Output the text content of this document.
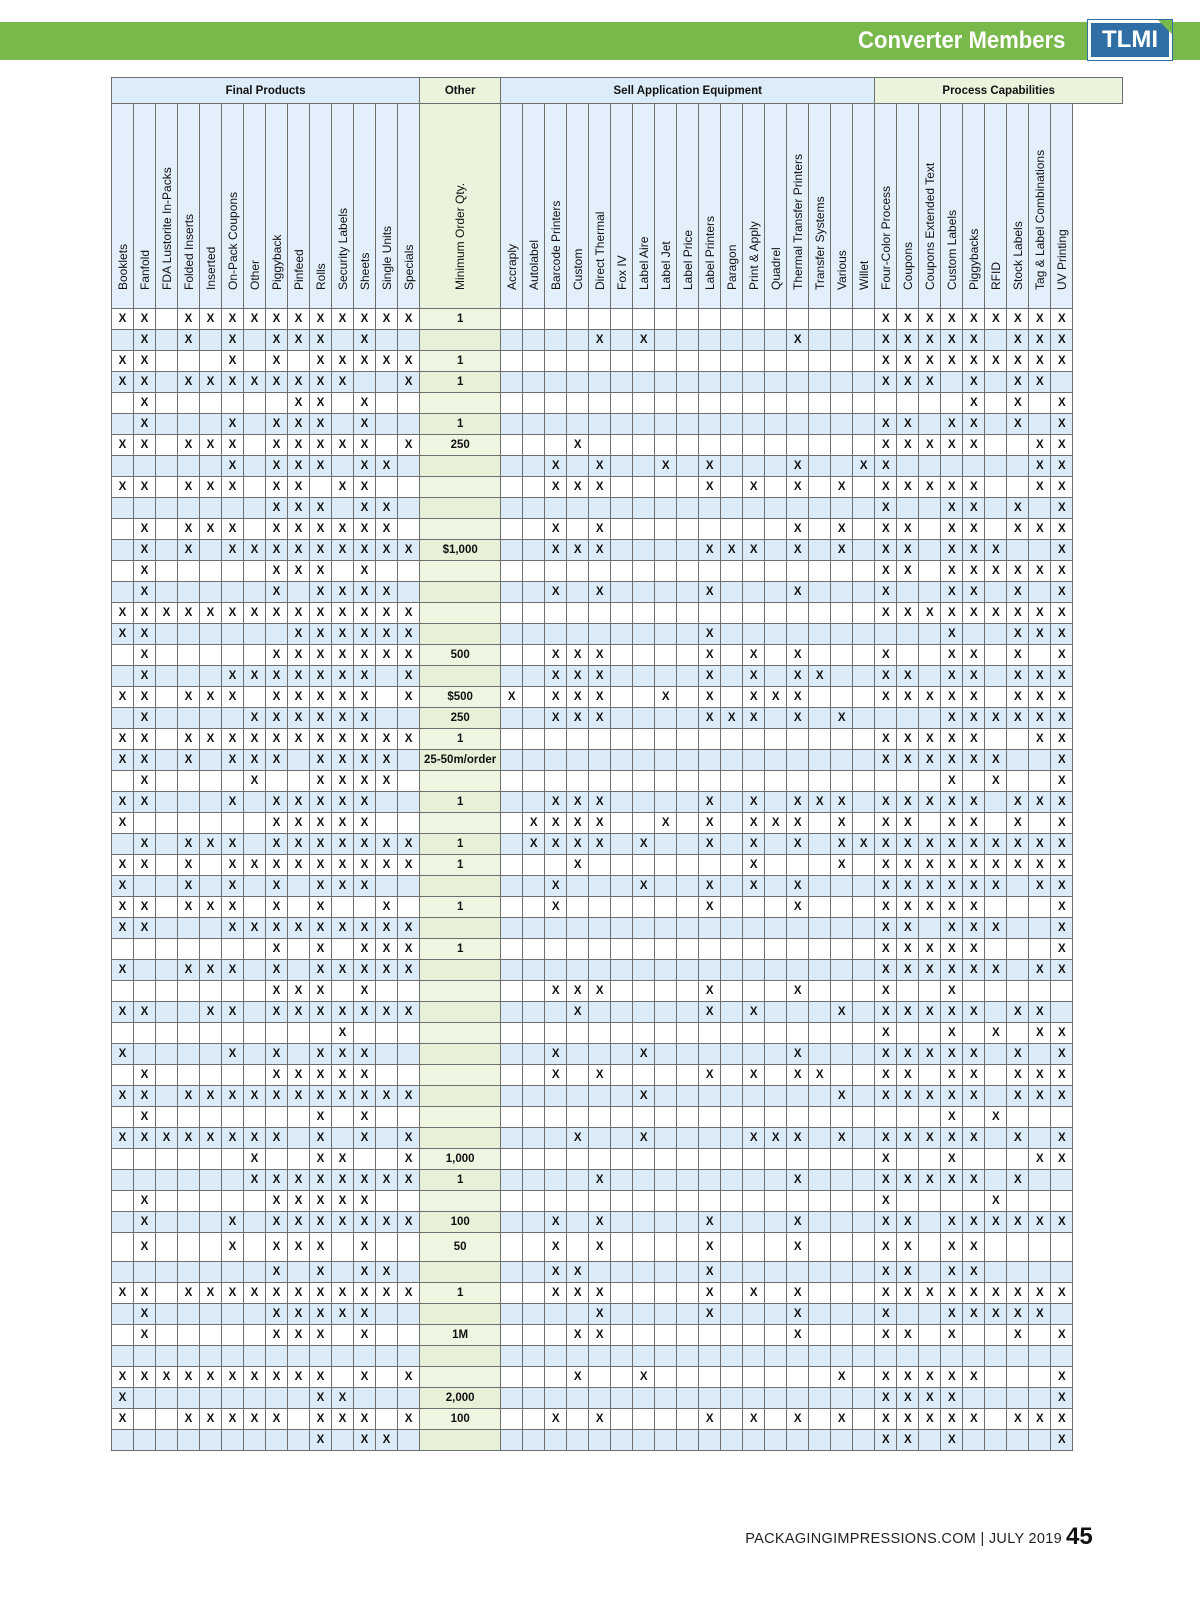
Converter Members	TLMI
Final Products														Other	Sell Application Equipment																	Process Capabilities								

Booklets	Fanfold	FDA Lustorite In-Packs	Folded Inserts	Inserted	On-Pack Coupons	Other	Piggyback	Pinfeed	Rolls	Security Labels	Sheets	Single Units	Specials	Minimum Order Qty.	Accraply	Autolabel	Barcode Printers	Custom	Direct Thermal	Fox IV	Label Aire	Label Jet	Label Price	Label Printers	Paragon	Print & Apply	Quadrel	Thermal Transfer Printers	Transfer Systems	Various	Willet	Four-Color Process	Coupons	Coupons Extended Text	Custom Labels	Piggybacks	RFID	Stock Labels	Tag & Label Combinations	UV Printing

X	X		X	X	X	X	X	X	X	X	X	X	X	1																		X	X	X	X	X	X	X	X	X
	X		X		X		X	X	X		X								X		X							X				X	X	X	X	X		X	X	X
X	X				X		X		X	X	X	X	X	1																		X	X	X	X	X	X	X	X	X
X	X		X	X	X	X	X	X	X	X			X	1																		X	X	X		X		X	X	
	X							X	X		X																									X		X		X
	X				X		X	X	X		X			1																		X	X		X	X		X		X
X	X		X	X	X		X	X	X	X	X		X	250				X														X	X	X	X	X			X	X
					X		X	X	X		X	X					X		X			X		X				X			X	X							X	X
X	X		X	X	X		X	X		X	X						X	X	X					X		X		X		X		X	X	X	X	X			X	X
							X	X	X		X	X																				X			X	X		X		X
	X		X	X	X		X	X	X	X	X	X					X		X									X		X		X	X		X	X		X	X	X
	X		X		X	X	X	X	X	X	X	X	X	$1,000			X	X	X					X	X	X		X		X		X	X		X	X	X			X
	X						X	X	X		X																					X	X		X	X	X	X	X	X
	X						X		X	X	X	X					X		X					X				X				X			X	X		X		X
X	X	X	X	X	X	X	X	X	X	X	X	X	X																			X	X	X	X	X	X	X	X	X
X	X							X	X	X	X	X	X											X											X			X	X	X
	X						X	X	X	X	X	X	X	500			X	X	X					X		X		X				X			X	X		X		X
	X				X	X	X	X	X	X	X		X				X	X	X					X		X		X	X			X	X		X	X		X	X	X
X	X		X	X	X		X	X	X	X	X		X	$500	X		X	X	X			X		X		X	X	X				X	X	X	X	X		X	X	X
	X					X	X	X	X	X	X			250			X	X	X					X	X	X		X		X					X	X	X	X	X	X
X	X		X	X	X	X	X	X	X	X	X	X	X	1																		X	X	X	X	X			X	X
X	X		X		X	X	X		X	X	X	X		25-50m/order																		X	X	X	X	X	X			X
	X					X			X	X	X	X																							X		X			X
X	X				X		X	X	X	X	X			1			X	X	X					X		X		X	X	X		X	X	X	X	X		X	X	X
X							X	X	X	X	X					X	X	X	X			X		X		X	X	X		X		X	X		X	X		X		X
	X		X	X	X		X	X	X	X	X	X	X	1		X	X	X	X		X			X		X		X		X	X	X	X	X	X	X	X	X	X	X
X	X		X		X	X	X	X	X	X	X	X	X	1				X								X				X		X	X	X	X	X	X	X	X	X
X			X		X		X		X	X	X						X				X			X		X		X				X	X	X	X	X	X		X	X
X	X		X	X	X		X		X			X		1			X							X				X				X	X	X	X	X				X
X	X				X	X	X	X	X	X	X	X	X																			X	X		X	X	X			X
							X		X		X	X	X	1																		X	X	X	X	X				X
X			X	X	X		X		X	X	X	X	X																			X	X	X	X	X	X		X	X
							X	X	X		X						X	X	X					X				X				X			X					
X	X			X	X		X	X	X	X	X	X	X					X						X		X				X		X	X	X	X	X		X	X	
										X																						X			X		X		X	X
X					X		X		X	X	X						X				X							X				X	X	X	X	X		X		X
	X						X	X	X	X	X						X		X					X		X		X	X			X	X		X	X		X	X	X
X	X		X	X	X	X	X	X	X	X	X	X	X								X									X		X	X	X	X	X		X	X	X
	X								X		X																								X		X			
X	X	X	X	X	X	X	X		X		X		X					X			X					X	X	X		X		X	X	X	X	X		X		X
						X			X	X			X	1,000																		X			X				X	X
						X	X	X	X	X	X	X	X	1					X									X				X	X	X	X	X		X		
	X						X	X	X	X	X																					X					X			
	X				X		X	X	X	X	X	X	X	100			X		X					X				X				X	X		X	X	X	X	X	X
	X				X		X	X	X		X			50			X		X					X				X				X	X		X	X				
							X		X		X	X					X	X						X								X	X		X	X				
X	X		X	X	X	X	X	X	X	X	X	X	X	1			X	X	X					X		X		X				X	X	X	X	X	X	X	X	X
	X						X	X	X	X	X								X					X				X				X			X	X	X	X	X	
	X						X	X	X		X			1M				X	X									X				X	X		X			X		X

X	X	X	X	X	X	X	X	X	X		X		X					X			X									X		X	X	X	X	X				X
X									X	X				2,000																		X	X	X	X					X
X			X	X	X	X	X		X	X	X		X	100			X		X					X		X		X		X		X	X	X	X	X		X	X	X
									X		X	X																				X	X		X					X
PACKAGINGIMPRESSIONS.COM | JULY 2019 45
